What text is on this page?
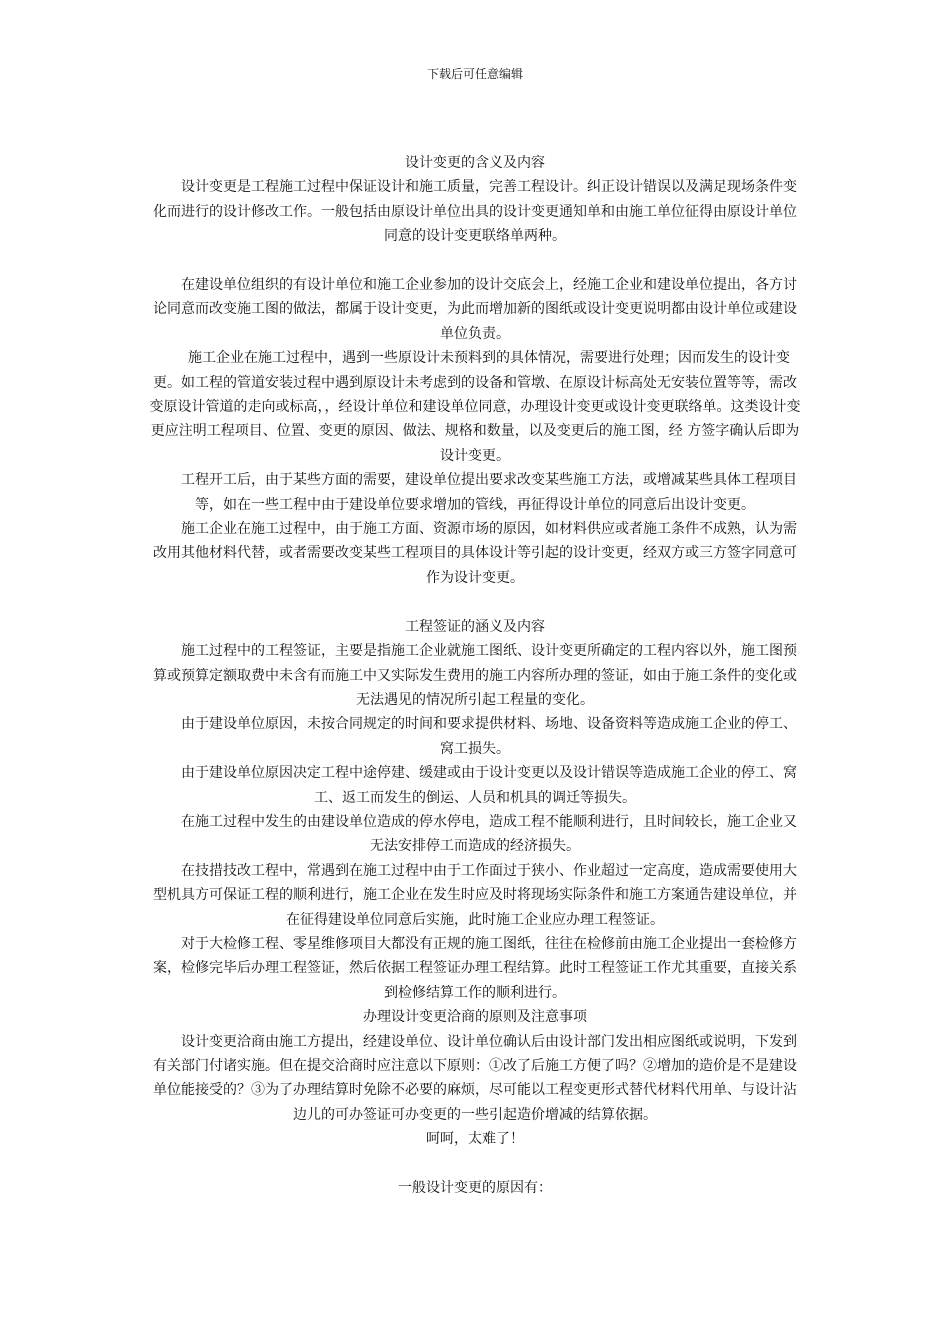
下载后可任意编辑
设计变更的含义及内容

设计变更是工程施工过程中保证设计和施工质量，完善工程设计。纠正设计错误以及满足现场条件变化而进行的设计修改工作。一般包括由原设计单位出具的设计变更通知单和由施工单位征得由原设计单位同意的设计变更联络单两种。

在建设单位组织的有设计单位和施工企业参加的设计交底会上，经施工企业和建设单位提出，各方讨论同意而改变施工图的做法，都属于设计变更，为此而增加新的图纸或设计变更说明都由设计单位或建设单位负责。

施工企业在施工过程中，遇到一些原设计未预料到的具体情况，需要进行处理；因而发生的设计变更。如工程的管道安装过程中遇到原设计未考虑到的设备和管墩、在原设计标高处无安装位置等等，需改变原设计管道的走向或标高，，经设计单位和建设单位同意，办理设计变更或设计变更联络单。这类设计变更应注明工程项目、位置、变更的原因、做法、规格和数量，以及变更后的施工图，经 方签字确认后即为设计变更。

工程开工后，由于某些方面的需要，建设单位提出要求改变某些施工方法，或增减某些具体工程项目等，如在一些工程中由于建设单位要求增加的管线，再征得设计单位的同意后出设计变更。

施工企业在施工过程中，由于施工方面、资源市场的原因，如材料供应或者施工条件不成熟，认为需改用其他材料代替，或者需要改变某些工程项目的具体设计等引起的设计变更，经双方或三方签字同意可作为设计变更。

工程签证的涵义及内容

施工过程中的工程签证，主要是指施工企业就施工图纸、设计变更所确定的工程内容以外，施工图预算或预算定额取费中未含有而施工中又实际发生费用的施工内容所办理的签证，如由于施工条件的变化或无法遇见的情况所引起工程量的变化。

由于建设单位原因，未按合同规定的时间和要求提供材料、场地、设备资料等造成施工企业的停工、窝工损失。

由于建设单位原因决定工程中途停建、缓建或由于设计变更以及设计错误等造成施工企业的停工、窝工、返工而发生的倒运、人员和机具的调迁等损失。

在施工过程中发生的由建设单位造成的停水停电，造成工程不能顺利进行，且时间较长，施工企业又无法安排停工而造成的经济损失。

在技措技改工程中，常遇到在施工过程中由于工作面过于狭小、作业超过一定高度，造成需要使用大型机具方可保证工程的顺利进行，施工企业在发生时应及时将现场实际条件和施工方案通告建设单位，并在征得建设单位同意后实施，此时施工企业应办理工程签证。

对于大检修工程、零星维修项目大都没有正规的施工图纸，往往在检修前由施工企业提出一套检修方案，检修完毕后办理工程签证，然后依据工程签证办理工程结算。此时工程签证工作尤其重要，直接关系到检修结算工作的顺利进行。

办理设计变更洽商的原则及注意事项

设计变更洽商由施工方提出，经建设单位、设计单位确认后由设计部门发出相应图纸或说明，下发到有关部门付诸实施。但在提交洽商时应注意以下原则：①改了后施工方便了吗？②增加的造价是不是建设单位能接受的？③为了办理结算时免除不必要的麻烦，尽可能以工程变更形式替代材料代用单、与设计沾边儿的可办签证可办变更的一些引起造价增减的结算依据。

呵呵，太难了！
一般设计变更的原因有：
